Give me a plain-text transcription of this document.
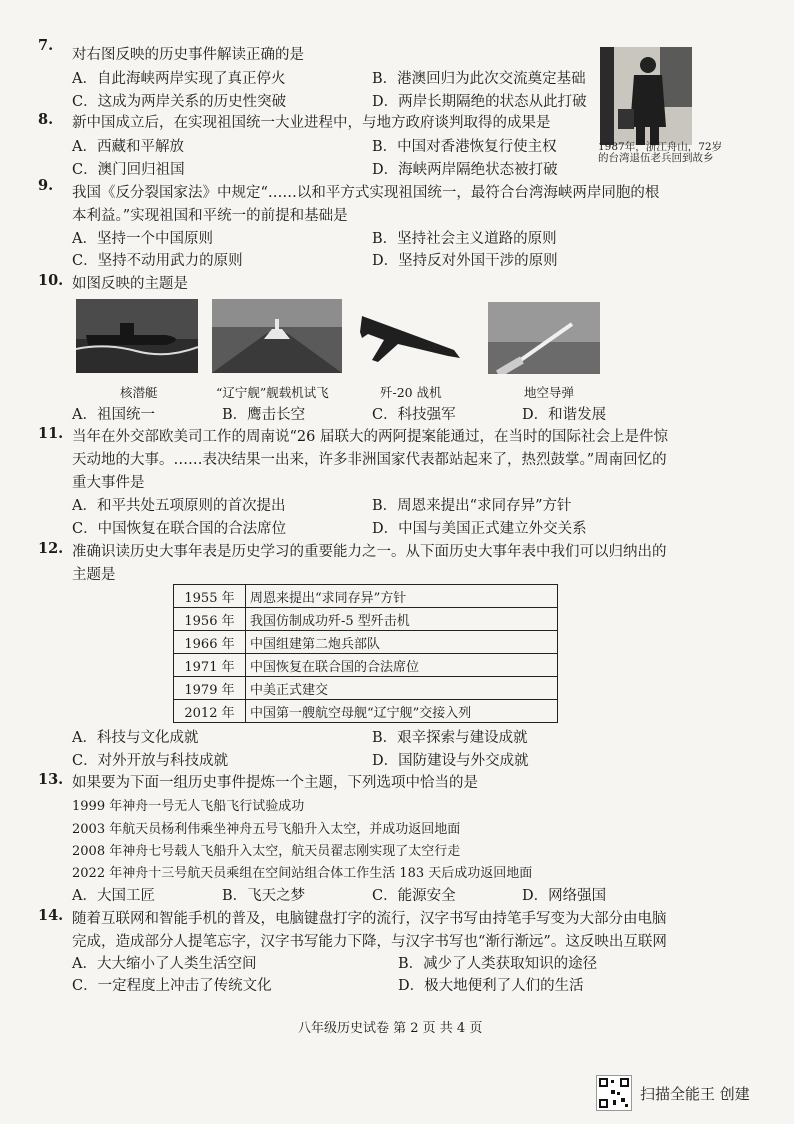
7.
对右图反映的历史事件解读正确的是
A．自此海峡两岸实现了真正停火	B．港澳回归为此次交流奠定基础
C．这成为两岸关系的历史性突破	D．两岸长期隔绝的状态从此打破
1987年，浙江舟山，72岁
的台湾退伍老兵回到故乡
8. 新中国成立后，在实现祖国统一大业进程中，与地方政府谈判取得的成果是
A．西藏和平解放	B．中国对香港恢复行使主权
C．澳门回归祖国	D．海峡两岸隔绝状态被打破
9. 我国《反分裂国家法》中规定“……以和平方式实现祖国统一，最符合台湾海峡两岸同胞的根
本利益。”实现祖国和平统一的前提和基础是
A．坚持一个中国原则	B．坚持社会主义道路的原则
C．坚持不动用武力的原则	D．坚持反对外国干涉的原则
10. 如图反映的主题是
核潜艇	“辽宁舰”舰载机试飞	歼-20 战机	地空导弹
A．祖国统一	B．鹰击长空	C．科技强军	D．和谐发展
11. 当年在外交部欧美司工作的周南说“26 届联大的两阿提案能通过，在当时的国际社会上是件惊
天动地的大事。……表决结果一出来，许多非洲国家代表都站起来了，热烈鼓掌。”周南回忆的
重大事件是
A．和平共处五项原则的首次提出	B．周恩来提出“求同存异”方针
C．中国恢复在联合国的合法席位	D．中国与美国正式建立外交关系
12. 准确识读历史大事年表是历史学习的重要能力之一。从下面历史大事年表中我们可以归纳出的
主题是
1955 年	周恩来提出“求同存异”方针
1956 年	我国仿制成功歼-5 型歼击机
1966 年	中国组建第二炮兵部队
1971 年	中国恢复在联合国的合法席位
1979 年	中美正式建交
2012 年	中国第一艘航空母舰“辽宁舰”交接入列
A．科技与文化成就	B．艰辛探索与建设成就
C．对外开放与科技成就	D．国防建设与外交成就
13. 如果要为下面一组历史事件提炼一个主题，下列选项中恰当的是
1999 年神舟一号无人飞船飞行试验成功
2003 年航天员杨利伟乘坐神舟五号飞船升入太空，并成功返回地面
2008 年神舟七号载人飞船升入太空，航天员翟志刚实现了太空行走
2022 年神舟十三号航天员乘组在空间站组合体工作生活 183 天后成功返回地面
A．大国工匠	B．飞天之梦	C．能源安全	D．网络强国
14. 随着互联网和智能手机的普及，电脑键盘打字的流行，汉字书写由持笔手写变为大部分由电脑
完成，造成部分人提笔忘字，汉字书写能力下降，与汉字书写也“渐行渐远”。这反映出互联网
A．大大缩小了人类生活空间	B．减少了人类获取知识的途径
C．一定程度上冲击了传统文化	D．极大地便利了人们的生活
八年级历史试卷 第 2 页 共 4 页
扫描全能王 创建
